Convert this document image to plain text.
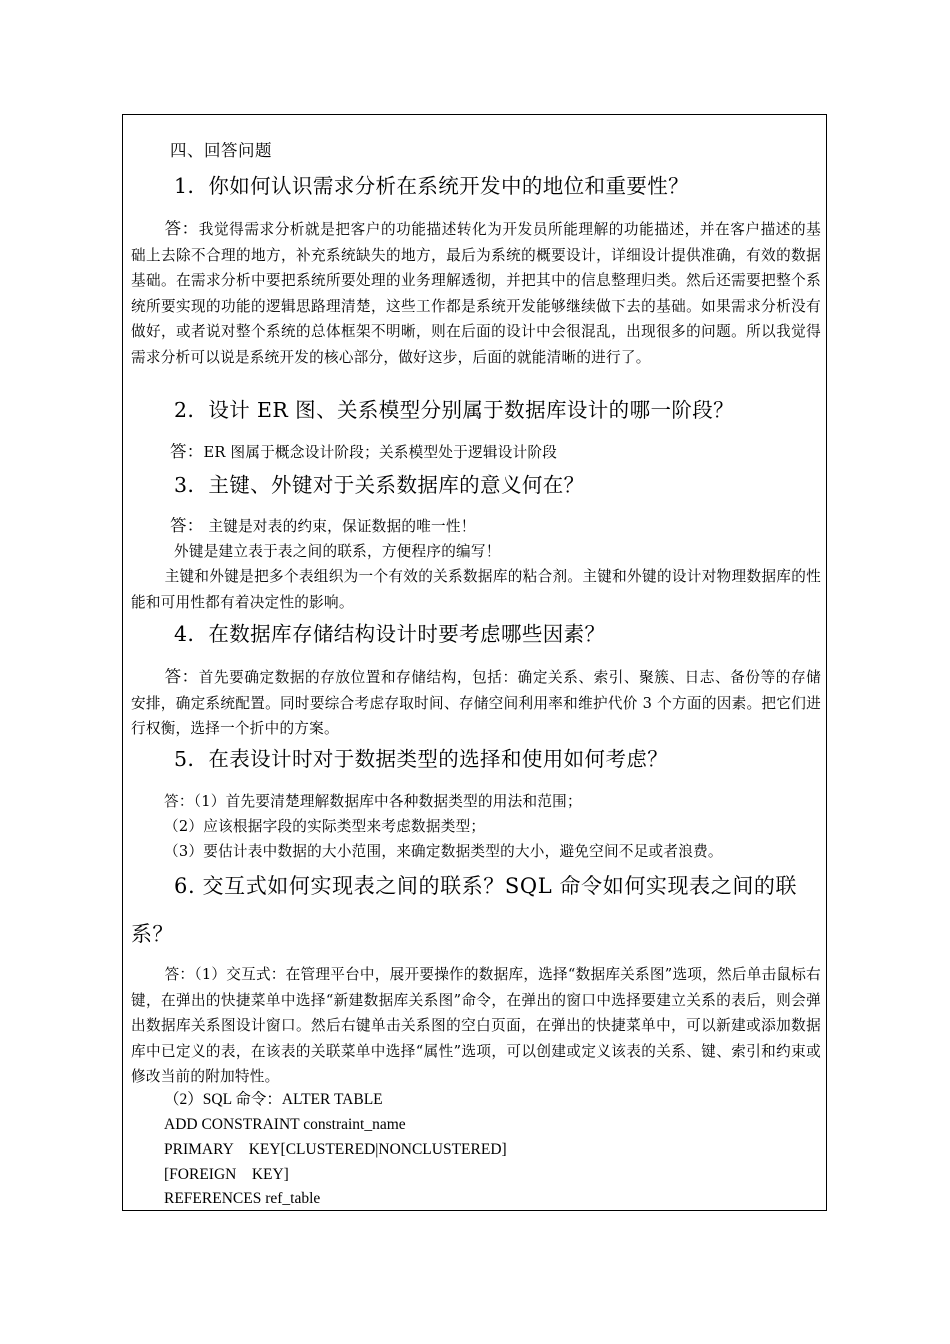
四、回答问题
1．你如何认识需求分析在系统开发中的地位和重要性？
答：我觉得需求分析就是把客户的功能描述转化为开发员所能理解的功能描述，并在客户描述的基础上去除不合理的地方，补充系统缺失的地方，最后为系统的概要设计，详细设计提供准确，有效的数据基础。在需求分析中要把系统所要处理的业务理解透彻，并把其中的信息整理归类。然后还需要把整个系统所要实现的功能的逻辑思路理清楚，这些工作都是系统开发能够继续做下去的基础。如果需求分析没有做好，或者说对整个系统的总体框架不明晰，则在后面的设计中会很混乱，出现很多的问题。所以我觉得需求分析可以说是系统开发的核心部分，做好这步，后面的就能清晰的进行了。
2．设计 ER 图、关系模型分别属于数据库设计的哪一阶段？
答：ER 图属于概念设计阶段；关系模型处于逻辑设计阶段
3．主键、外键对于关系数据库的意义何在？
答： 主键是对表的约束，保证数据的唯一性！
外键是建立表于表之间的联系，方便程序的编写！
主键和外键是把多个表组织为一个有效的关系数据库的粘合剂。主键和外键的设计对物理数据库的性能和可用性都有着决定性的影响。
4．在数据库存储结构设计时要考虑哪些因素？
答：首先要确定数据的存放位置和存储结构，包括：确定关系、索引、聚簇、日志、备份等的存储安排，确定系统配置。同时要综合考虑存取时间、存储空间利用率和维护代价 3 个方面的因素。把它们进行权衡，选择一个折中的方案。
5．在表设计时对于数据类型的选择和使用如何考虑？
答：（1）首先要清楚理解数据库中各种数据类型的用法和范围；
（2）应该根据字段的实际类型来考虑数据类型；
（3）要估计表中数据的大小范围，来确定数据类型的大小，避免空间不足或者浪费。
6. 交互式如何实现表之间的联系？SQL 命令如何实现表之间的联
系？
答：（1）交互式：在管理平台中，展开要操作的数据库，选择“数据库关系图”选项，然后单击鼠标右键，在弹出的快捷菜单中选择“新建数据库关系图”命令，在弹出的窗口中选择要建立关系的表后，则会弹出数据库关系图设计窗口。然后右键单击关系图的空白页面，在弹出的快捷菜单中，可以新建或添加数据库中已定义的表，在该表的关联菜单中选择“属性”选项，可以创建或定义该表的关系、键、索引和约束或修改当前的附加特性。
（2）SQL 命令：ALTER TABLE
ADD CONSTRAINT constraint_name
PRIMARY    KEY[CLUSTERED|NONCLUSTERED]
[FOREIGN    KEY]
REFERENCES ref_table
